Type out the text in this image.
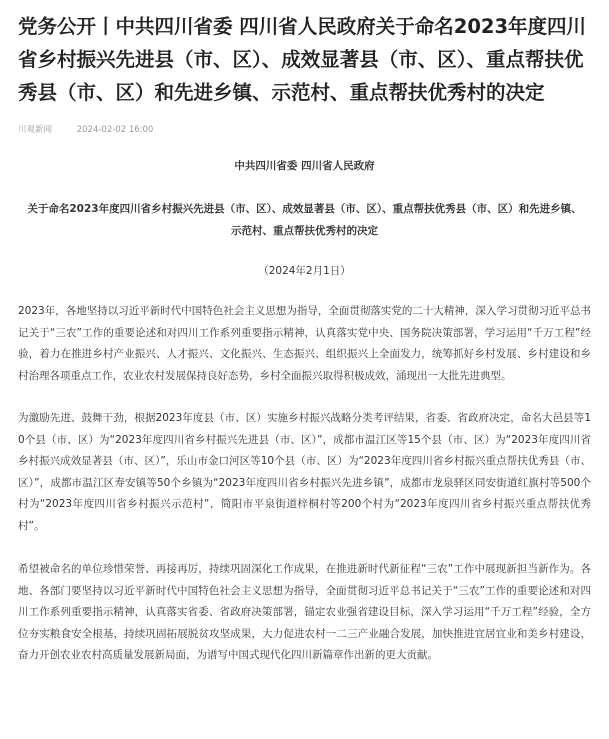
党务公开丨中共四川省委 四川省人民政府关于命名2023年度四川省乡村振兴先进县（市、区）、成效显著县（市、区）、重点帮扶优秀县（市、区）和先进乡镇、示范村、重点帮扶优秀村的决定
川观新闻	2024-02-02 16:00
中共四川省委 四川省人民政府
关于命名2023年度四川省乡村振兴先进县（市、区）、成效显著县（市、区）、重点帮扶优秀县（市、区）和先进乡镇、示范村、重点帮扶优秀村的决定
（2024年2月1日）

2023年，各地坚持以习近平新时代中国特色社会主义思想为指导，全面贯彻落实党的二十大精神，深入学习贯彻习近平总书记关于“三农”工作的重要论述和对四川工作系列重要指示精神，认真落实党中央、国务院决策部署，学习运用“千万工程”经验，着力在推进乡村产业振兴、人才振兴、文化振兴、生态振兴、组织振兴上全面发力，统筹抓好乡村发展、乡村建设和乡村治理各项重点工作，农业农村发展保持良好态势，乡村全面振兴取得积极成效，涌现出一大批先进典型。

为激励先进、鼓舞干劲，根据2023年度县（市、区）实施乡村振兴战略分类考评结果，省委、省政府决定，命名大邑县等10个县（市、区）为“2023年度四川省乡村振兴先进县（市、区）”，成都市温江区等15个县（市、区）为“2023年度四川省乡村振兴成效显著县（市、区）”，乐山市金口河区等10个县（市、区）为“2023年度四川省乡村振兴重点帮扶优秀县（市、区）”，成都市温江区寿安镇等50个乡镇为“2023年度四川省乡村振兴先进乡镇”，成都市龙泉驿区同安街道红旗村等500个村为“2023年度四川省乡村振兴示范村”，简阳市平泉街道梓桐村等200个村为“2023年度四川省乡村振兴重点帮扶优秀村”。

希望被命名的单位珍惜荣誉、再接再厉，持续巩固深化工作成果，在推进新时代新征程“三农”工作中展现新担当新作为。各地、各部门要坚持以习近平新时代中国特色社会主义思想为指导，全面贯彻习近平总书记关于“三农”工作的重要论述和对四川工作系列重要指示精神，认真落实省委、省政府决策部署，锚定农业强省建设目标，深入学习运用“千万工程”经验，全方位夯实粮食安全根基，持续巩固拓展脱贫攻坚成果，大力促进农村一二三产业融合发展，加快推进宜居宜业和美乡村建设，奋力开创农业农村高质量发展新局面，为谱写中国式现代化四川新篇章作出新的更大贡献。
